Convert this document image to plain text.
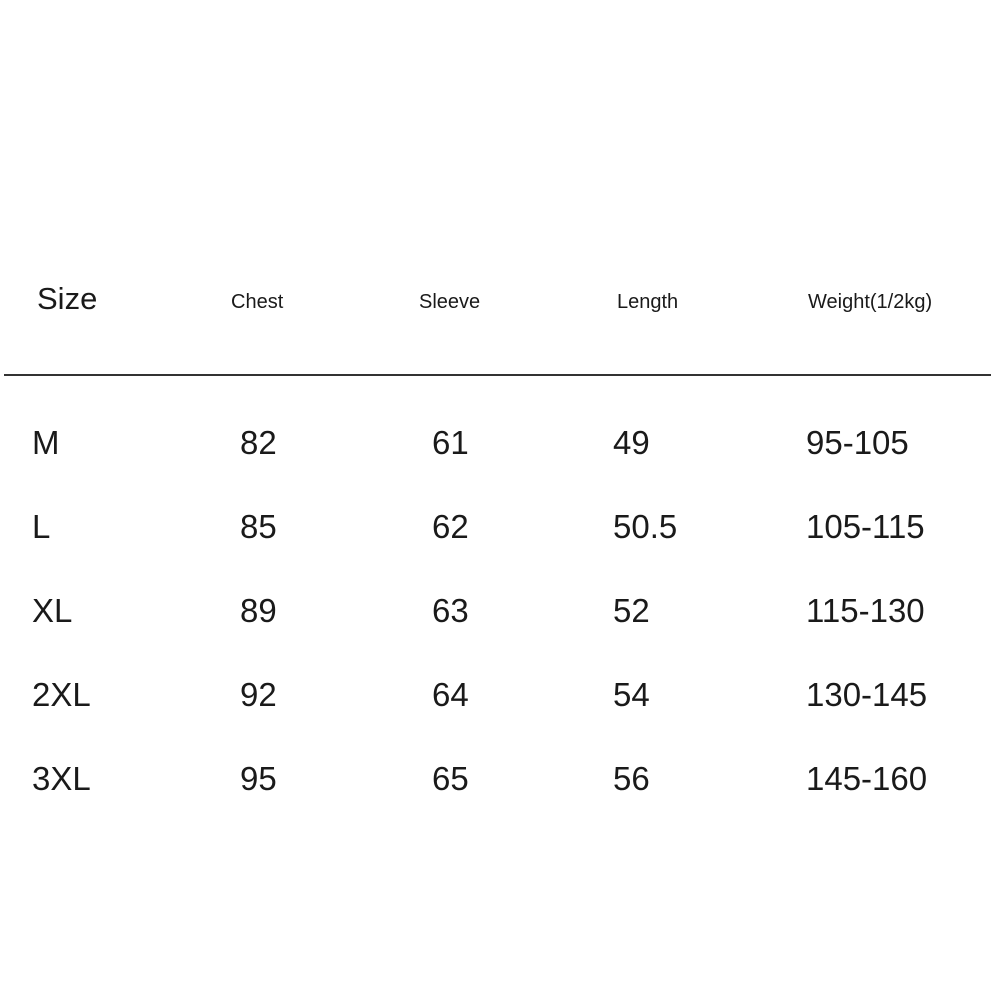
Size	Chest	Sleeve	Length	Weight(1/2kg)
M	82	61	49	95-105
L	85	62	50.5	105-115
XL	89	63	52	115-130
2XL	92	64	54	130-145
3XL	95	65	56	145-160
